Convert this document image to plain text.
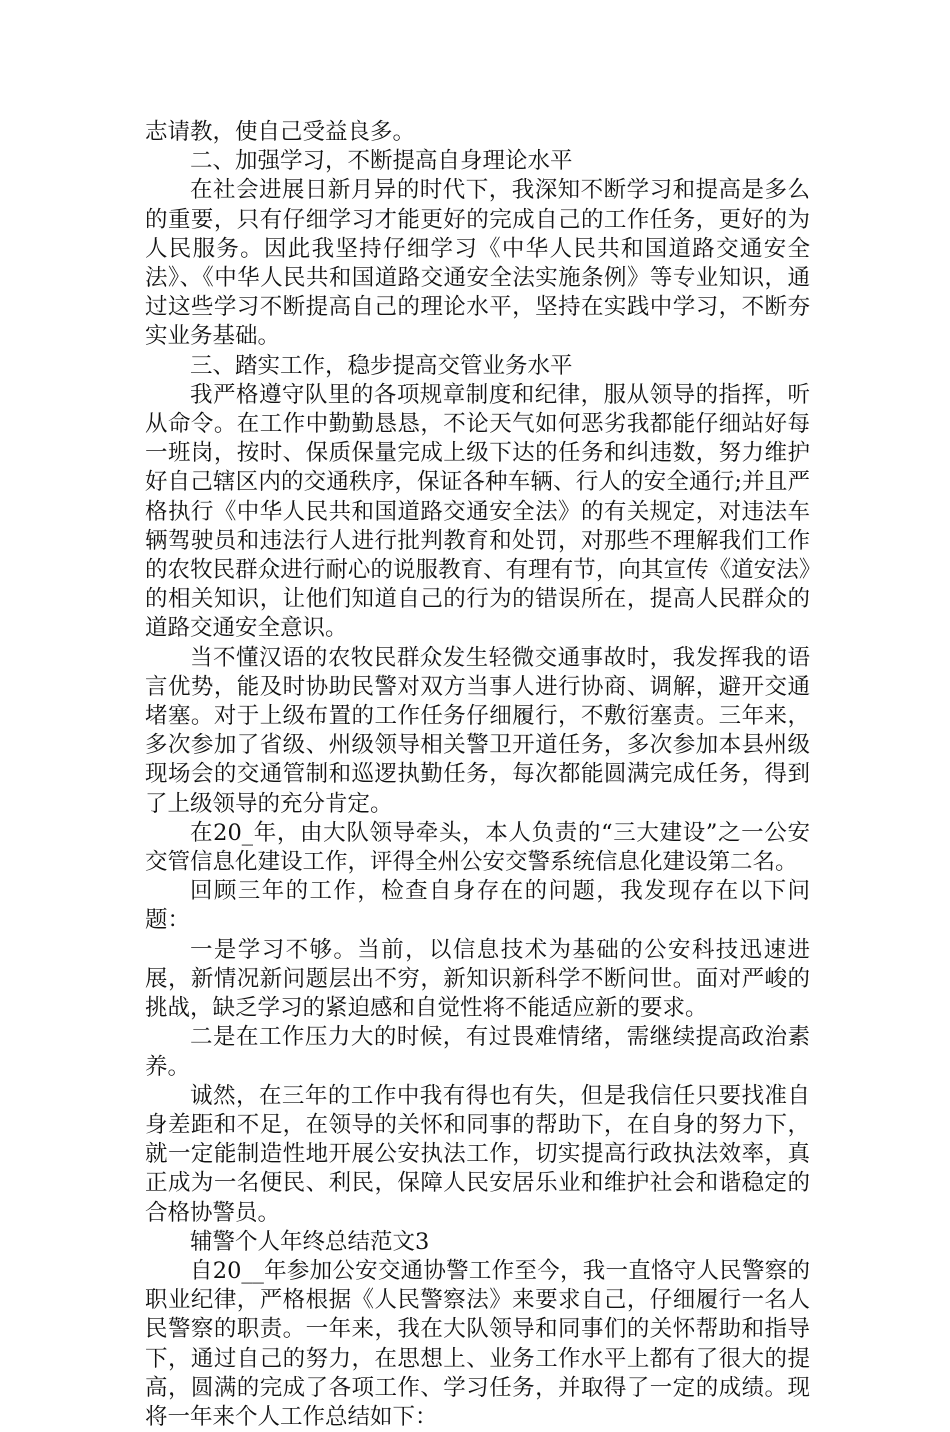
志请教，使自己受益良多。

二、加强学习，不断提高自身理论水平

在社会进展日新月异的时代下，我深知不断学习和提高是多么的重要，只有仔细学习才能更好的完成自己的工作任务，更好的为人民服务。因此我坚持仔细学习《中华人民共和国道路交通安全法》、《中华人民共和国道路交通安全法实施条例》等专业知识，通过这些学习不断提高自己的理论水平，坚持在实践中学习，不断夯实业务基础。

三、踏实工作，稳步提高交管业务水平

我严格遵守队里的各项规章制度和纪律，服从领导的指挥，听从命令。在工作中勤勤恳恳，不论天气如何恶劣我都能仔细站好每一班岗，按时、保质保量完成上级下达的任务和纠违数，努力维护好自己辖区内的交通秩序，保证各种车辆、行人的安全通行;并且严格执行《中华人民共和国道路交通安全法》的有关规定，对违法车辆驾驶员和违法行人进行批判教育和处罚，对那些不理解我们工作的农牧民群众进行耐心的说服教育、有理有节，向其宣传《道安法》的相关知识，让他们知道自己的行为的错误所在，提高人民群众的道路交通安全意识。

当不懂汉语的农牧民群众发生轻微交通事故时，我发挥我的语言优势，能及时协助民警对双方当事人进行协商、调解，避开交通堵塞。对于上级布置的工作任务仔细履行，不敷衍塞责。三年来，多次参加了省级、州级领导相关警卫开道任务，多次参加本县州级现场会的交通管制和巡逻执勤任务，每次都能圆满完成任务，得到了上级领导的充分肯定。

在20_年，由大队领导牵头，本人负责的“三大建设”之一公安交管信息化建设工作，评得全州公安交警系统信息化建设第二名。

回顾三年的工作，检查自身存在的问题，我发现存在以下问题：

一是学习不够。当前，以信息技术为基础的公安科技迅速进展，新情况新问题层出不穷，新知识新科学不断问世。面对严峻的挑战，缺乏学习的紧迫感和自觉性将不能适应新的要求。

二是在工作压力大的时候，有过畏难情绪，需继续提高政治素养。

诚然，在三年的工作中我有得也有失，但是我信任只要找准自身差距和不足，在领导的关怀和同事的帮助下，在自身的努力下，就一定能制造性地开展公安执法工作，切实提高行政执法效率，真正成为一名便民、利民，保障人民安居乐业和维护社会和谐稳定的合格协警员。

辅警个人年终总结范文3

自20__年参加公安交通协警工作至今，我一直恪守人民警察的职业纪律，严格根据《人民警察法》来要求自己，仔细履行一名人民警察的职责。一年来，我在大队领导和同事们的关怀帮助和指导下，通过自己的努力，在思想上、业务工作水平上都有了很大的提高，圆满的完成了各项工作、学习任务，并取得了一定的成绩。现将一年来个人工作总结如下：
